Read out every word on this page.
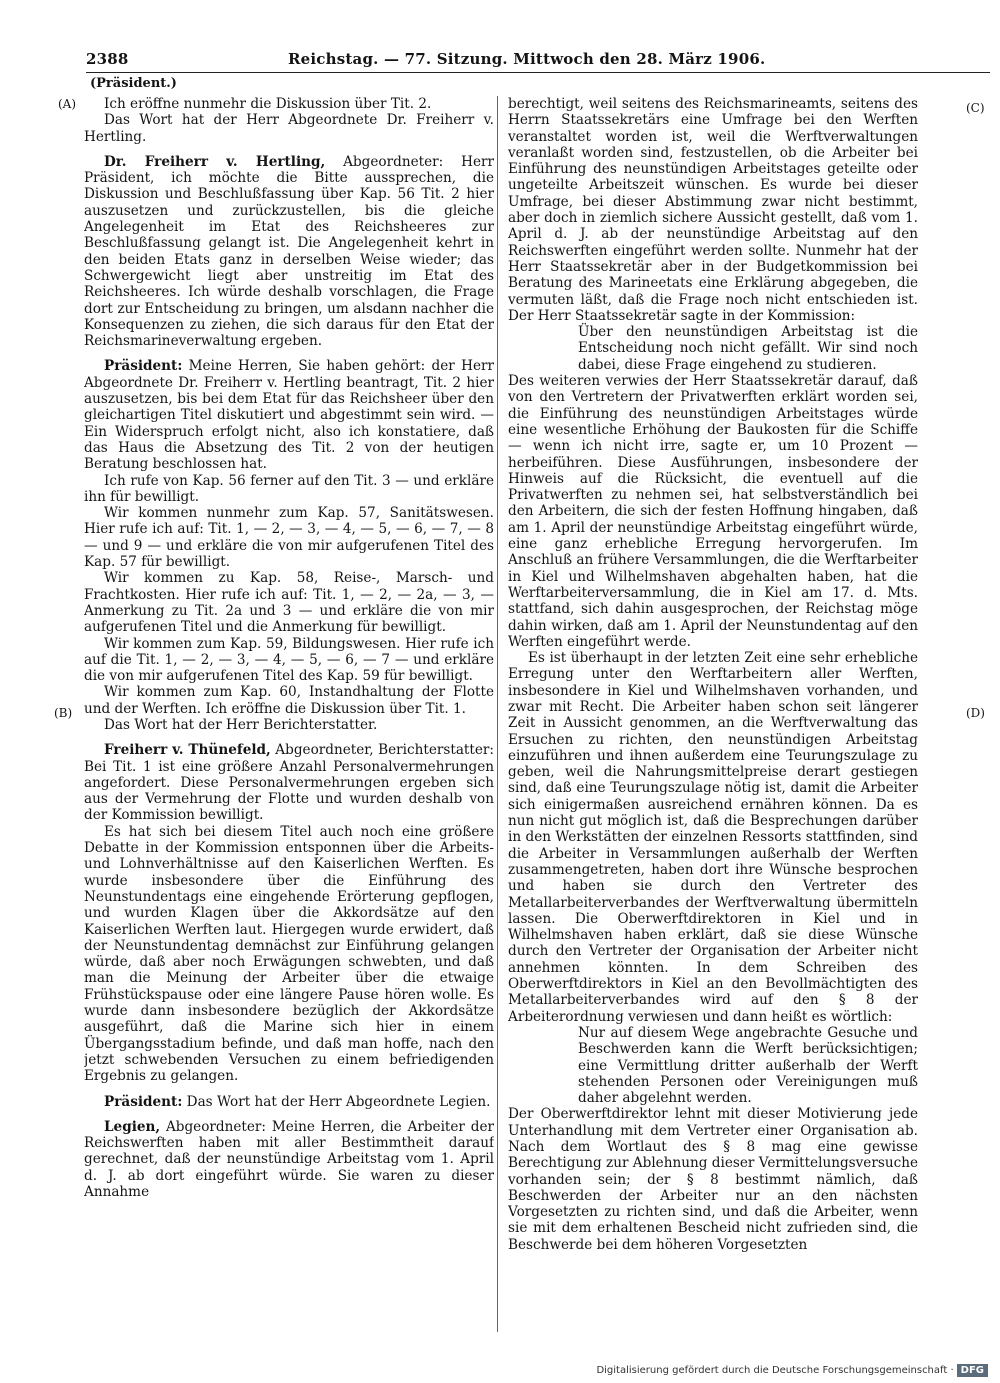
2388	Reichstag. — 77. Sitzung. Mittwoch den 28. März 1906.
(Präsident.)
(A)
(B)
(C)
(D)

Ich eröffne nunmehr die Diskussion über Tit. 2.

Das Wort hat der Herr Abgeordnete Dr. Freiherr v. Hertling.

Dr. Freiherr v. Hertling, Abgeordneter: Herr Präsident, ich möchte die Bitte aussprechen, die Diskussion und Beschlußfassung über Kap. 56 Tit. 2 hier auszusetzen und zurückzustellen, bis die gleiche Angelegenheit im Etat des Reichsheeres zur Beschlußfassung gelangt ist. Die Angelegenheit kehrt in den beiden Etats ganz in derselben Weise wieder; das Schwergewicht liegt aber unstreitig im Etat des Reichsheeres. Ich würde deshalb vorschlagen, die Frage dort zur Entscheidung zu bringen, um alsdann nachher die Konsequenzen zu ziehen, die sich daraus für den Etat der Reichsmarineverwaltung ergeben.

Präsident: Meine Herren, Sie haben gehört: der Herr Abgeordnete Dr. Freiherr v. Hertling beantragt, Tit. 2 hier auszusetzen, bis bei dem Etat für das Reichsheer über den gleichartigen Titel diskutiert und abgestimmt sein wird. — Ein Widerspruch erfolgt nicht, also ich konstatiere, daß das Haus die Absetzung des Tit. 2 von der heutigen Beratung beschlossen hat.

Ich rufe von Kap. 56 ferner auf den Tit. 3 — und erkläre ihn für bewilligt.

Wir kommen nunmehr zum Kap. 57, Sanitätswesen. Hier rufe ich auf: Tit. 1, — 2, — 3, — 4, — 5, — 6, — 7, — 8 — und 9 — und erkläre die von mir aufgerufenen Titel des Kap. 57 für bewilligt.

Wir kommen zu Kap. 58, Reise-, Marsch- und Frachtkosten. Hier rufe ich auf: Tit. 1, — 2, — 2a, — 3, — Anmerkung zu Tit. 2a und 3 — und erkläre die von mir aufgerufenen Titel und die Anmerkung für bewilligt.

Wir kommen zum Kap. 59, Bildungswesen. Hier rufe ich auf die Tit. 1, — 2, — 3, — 4, — 5, — 6, — 7 — und erkläre die von mir aufgerufenen Titel des Kap. 59 für bewilligt.

Wir kommen zum Kap. 60, Instandhaltung der Flotte und der Werften. Ich eröffne die Diskussion über Tit. 1.

Das Wort hat der Herr Berichterstatter.

Freiherr v. Thünefeld, Abgeordneter, Berichterstatter: Bei Tit. 1 ist eine größere Anzahl Personalvermehrungen angefordert. Diese Personalvermehrungen ergeben sich aus der Vermehrung der Flotte und wurden deshalb von der Kommission bewilligt.

Es hat sich bei diesem Titel auch noch eine größere Debatte in der Kommission entsponnen über die Arbeits- und Lohnverhältnisse auf den Kaiserlichen Werften. Es wurde insbesondere über die Einführung des Neunstundentags eine eingehende Erörterung gepflogen, und wurden Klagen über die Akkordsätze auf den Kaiserlichen Werften laut. Hiergegen wurde erwidert, daß der Neunstundentag demnächst zur Einführung gelangen würde, daß aber noch Erwägungen schwebten, und daß man die Meinung der Arbeiter über die etwaige Frühstückspause oder eine längere Pause hören wolle. Es wurde dann insbesondere bezüglich der Akkordsätze ausgeführt, daß die Marine sich hier in einem Übergangsstadium befinde, und daß man hoffe, nach den jetzt schwebenden Versuchen zu einem befriedigenden Ergebnis zu gelangen.

Präsident: Das Wort hat der Herr Abgeordnete Legien.

Legien, Abgeordneter: Meine Herren, die Arbeiter der Reichswerften haben mit aller Bestimmtheit darauf gerechnet, daß der neunstündige Arbeitstag vom 1. April d. J. ab dort eingeführt würde. Sie waren zu dieser Annahme

berechtigt, weil seitens des Reichsmarineamts, seitens des Herrn Staatssekretärs eine Umfrage bei den Werften veranstaltet worden ist, weil die Werftverwaltungen veranlaßt worden sind, festzustellen, ob die Arbeiter bei Einführung des neunstündigen Arbeitstages geteilte oder ungeteilte Arbeitszeit wünschen. Es wurde bei dieser Umfrage, bei dieser Abstimmung zwar nicht bestimmt, aber doch in ziemlich sichere Aussicht gestellt, daß vom 1. April d. J. ab der neunstündige Arbeitstag auf den Reichswerften eingeführt werden sollte. Nunmehr hat der Herr Staatssekretär aber in der Budgetkommission bei Beratung des Marineetats eine Erklärung abgegeben, die vermuten läßt, daß die Frage noch nicht entschieden ist. Der Herr Staatssekretär sagte in der Kommission:

Über den neunstündigen Arbeitstag ist die Entscheidung noch nicht gefällt. Wir sind noch dabei, diese Frage eingehend zu studieren.

Des weiteren verwies der Herr Staatssekretär darauf, daß von den Vertretern der Privatwerften erklärt worden sei, die Einführung des neunstündigen Arbeitstages würde eine wesentliche Erhöhung der Baukosten für die Schiffe — wenn ich nicht irre, sagte er, um 10 Prozent — herbeiführen. Diese Ausführungen, insbesondere der Hinweis auf die Rücksicht, die eventuell auf die Privatwerften zu nehmen sei, hat selbstverständlich bei den Arbeitern, die sich der festen Hoffnung hingaben, daß am 1. April der neunstündige Arbeitstag eingeführt würde, eine ganz erhebliche Erregung hervorgerufen. Im Anschluß an frühere Versammlungen, die die Werftarbeiter in Kiel und Wilhelmshaven abgehalten haben, hat die Werftarbeiterversammlung, die in Kiel am 17. d. Mts. stattfand, sich dahin ausgesprochen, der Reichstag möge dahin wirken, daß am 1. April der Neunstundentag auf den Werften eingeführt werde.

Es ist überhaupt in der letzten Zeit eine sehr erhebliche Erregung unter den Werftarbeitern aller Werften, insbesondere in Kiel und Wilhelmshaven vorhanden, und zwar mit Recht. Die Arbeiter haben schon seit längerer Zeit in Aussicht genommen, an die Werftverwaltung das Ersuchen zu richten, den neunstündigen Arbeitstag einzuführen und ihnen außerdem eine Teurungszulage zu geben, weil die Nahrungsmittelpreise derart gestiegen sind, daß eine Teurungszulage nötig ist, damit die Arbeiter sich einigermaßen ausreichend ernähren können. Da es nun nicht gut möglich ist, daß die Besprechungen darüber in den Werkstätten der einzelnen Ressorts stattfinden, sind die Arbeiter in Versammlungen außerhalb der Werften zusammengetreten, haben dort ihre Wünsche besprochen und haben sie durch den Vertreter des Metallarbeiterverbandes der Werftverwaltung übermitteln lassen. Die Oberwerftdirektoren in Kiel und in Wilhelmshaven haben erklärt, daß sie diese Wünsche durch den Vertreter der Organisation der Arbeiter nicht annehmen könnten. In dem Schreiben des Oberwerftdirektors in Kiel an den Bevollmächtigten des Metallarbeiterverbandes wird auf den § 8 der Arbeiterordnung verwiesen und dann heißt es wörtlich:

Nur auf diesem Wege angebrachte Gesuche und Beschwerden kann die Werft berücksichtigen; eine Vermittlung dritter außerhalb der Werft stehenden Personen oder Vereinigungen muß daher abgelehnt werden.

Der Oberwerftdirektor lehnt mit dieser Motivierung jede Unterhandlung mit dem Vertreter einer Organisation ab. Nach dem Wortlaut des § 8 mag eine gewisse Berechtigung zur Ablehnung dieser Vermittelungsversuche vorhanden sein; der § 8 bestimmt nämlich, daß Beschwerden der Arbeiter nur an den nächsten Vorgesetzten zu richten sind, und daß die Arbeiter, wenn sie mit dem erhaltenen Bescheid nicht zufrieden sind, die Beschwerde bei dem höheren Vorgesetzten

Digitalisierung gefördert durch die Deutsche Forschungsgemeinschaft · DFG
